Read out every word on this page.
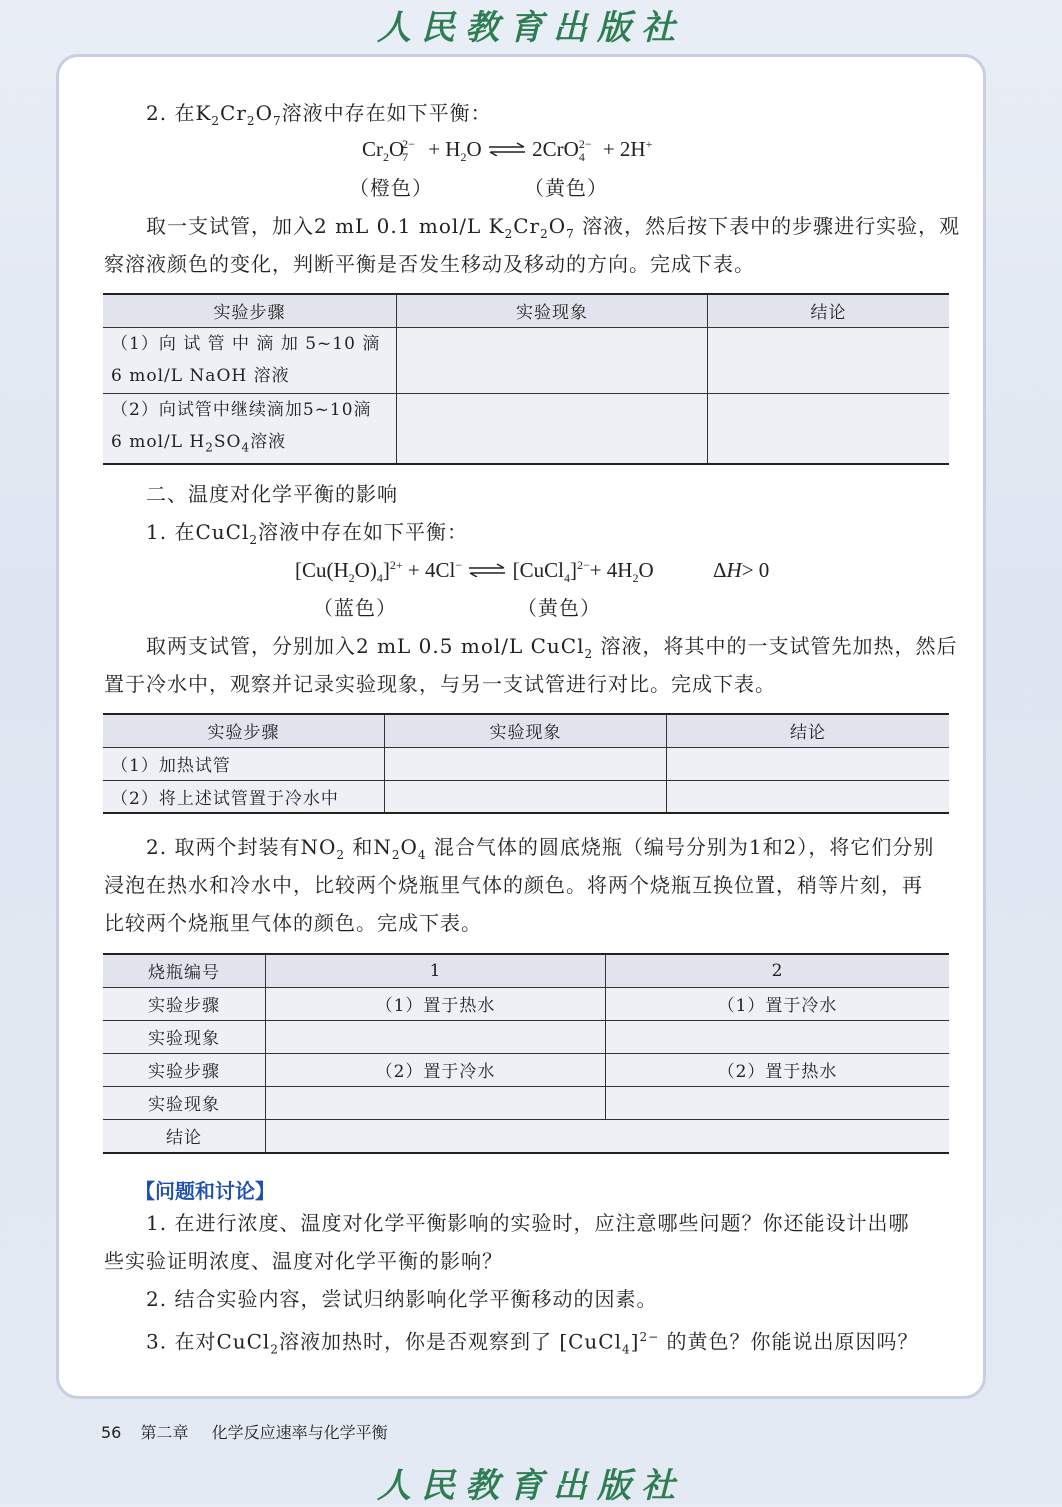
人民教育出版社
2. 在$K_2Cr_2O_7$溶液中存在如下平衡：
$Cr_2O_7^{2-} + H_2O$ ⇌ 2CrO$_4^{2-}$ + 2H+
（橙色）	（黄色）
取一支试管，加入2 mL 0.1 mol/L $K_2Cr_2O_7$ 溶液，然后按下表中的步骤进行实验，观
察溶液颜色的变化，判断平衡是否发生移动及移动的方向。完成下表。
实验步骤	实验现象	结论

（1）向 试 管 中 滴 加 5~10 滴
6 mol/L NaOH 溶液		

（2）向试管中继续滴加5~10滴
6 mol/L $H_2SO_4$溶液		

二、温度对化学平衡的影响
1. 在CuCl$_2$溶液中存在如下平衡：
$[Cu(H_2O)_4]^{2+} + 4Cl^-$ ⇌ [CuCl$_4$]$^{2-}$+ $4H_2O$	ΔH> 0
（蓝色）	（黄色）
取两支试管，分别加入2 mL 0.5 mol/L CuCl$_2$ 溶液，将其中的一支试管先加热，然后
置于冷水中，观察并记录实验现象，与另一支试管进行对比。完成下表。
实验步骤	实验现象	结论
（1）加热试管		
（2）将上述试管置于冷水中		
2. 取两个封装有$NO_2$ 和$N_2O_4$ 混合气体的圆底烧瓶（编号分别为1和2），将它们分别
浸泡在热水和冷水中，比较两个烧瓶里气体的颜色。将两个烧瓶互换位置，稍等片刻，再
比较两个烧瓶里气体的颜色。完成下表。
烧瓶编号	1	2
实验步骤	（1）置于热水	（1）置于冷水
实验现象		
实验步骤	（2）置于冷水	（2）置于热水
实验现象		
结论		
【问题和讨论】
1. 在进行浓度、温度对化学平衡影响的实验时，应注意哪些问题？你还能设计出哪
些实验证明浓度、温度对化学平衡的影响？
2. 结合实验内容，尝试归纳影响化学平衡移动的因素。
3. 在对CuCl$_2$溶液加热时，你是否观察到了 [CuCl$_4$]$^{2-}$ 的黄色？你能说出原因吗？
56 第二章 化学反应速率与化学平衡
人民教育出版社
